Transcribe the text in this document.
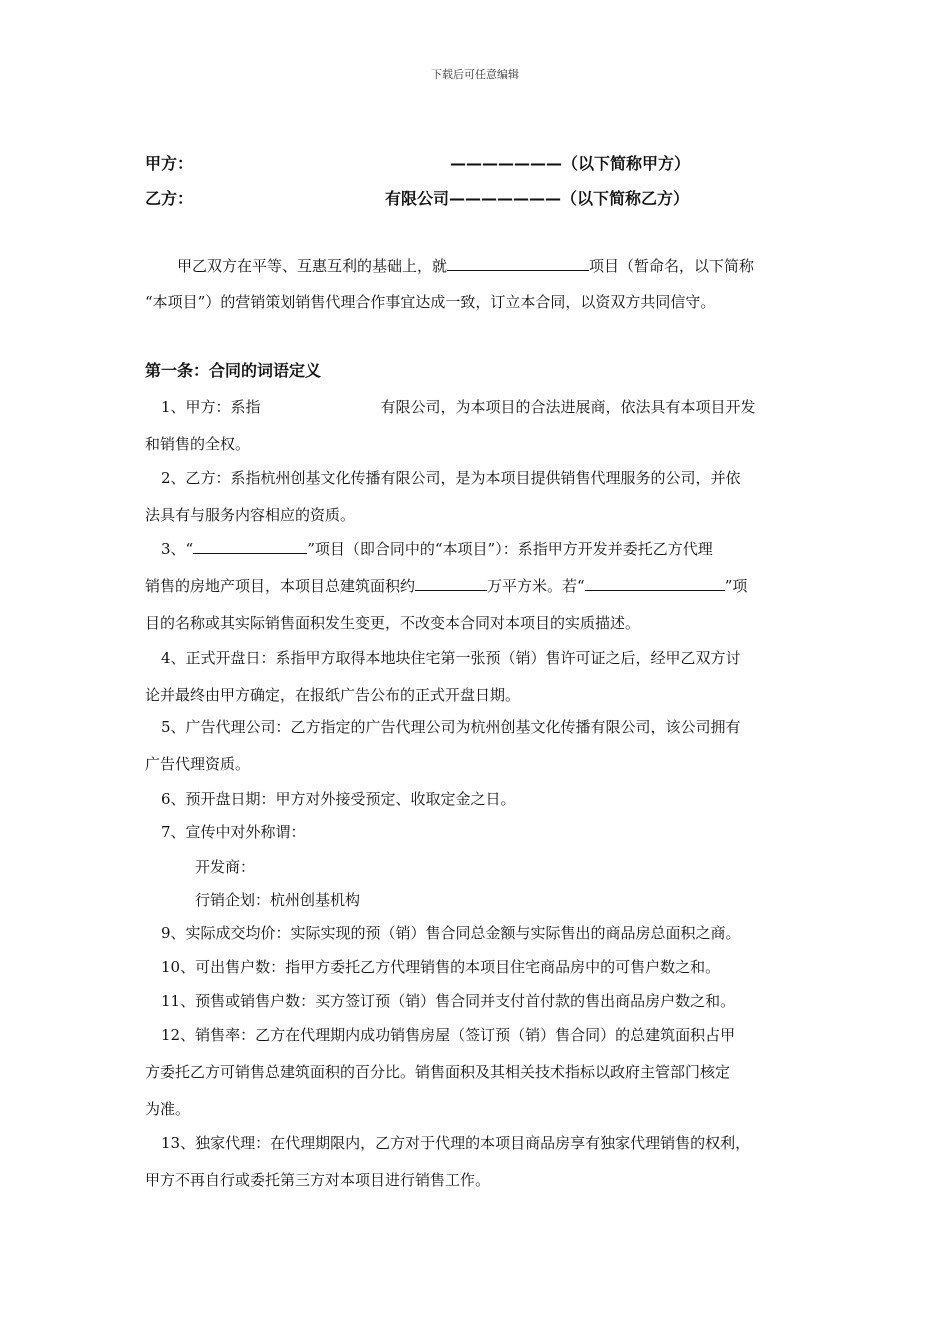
下载后可任意编辑
甲方：	———————（以下简称甲方）
乙方：	有限公司———————（以下简称乙方）
甲乙双方在平等、互惠互利的基础上，就	项目（暂命名，以下简称
“本项目”）的营销策划销售代理合作事宜达成一致，订立本合同，以资双方共同信守。
第一条：合同的词语定义
1、甲方：系指	有限公司，为本项目的合法进展商，依法具有本项目开发
和销售的全权。
2、乙方：系指杭州创基文化传播有限公司，是为本项目提供销售代理服务的公司，并依
法具有与服务内容相应的资质。
3、“	”项目（即合同中的“本项目”）：系指甲方开发并委托乙方代理
销售的房地产项目，本项目总建筑面积约	万平方米。若“	”项
目的名称或其实际销售面积发生变更，不改变本合同对本项目的实质描述。
4、正式开盘日：系指甲方取得本地块住宅第一张预（销）售许可证之后，经甲乙双方讨
论并最终由甲方确定，在报纸广告公布的正式开盘日期。
5、广告代理公司：乙方指定的广告代理公司为杭州创基文化传播有限公司，该公司拥有
广告代理资质。
6、预开盘日期：甲方对外接受预定、收取定金之日。
7、宣传中对外称谓：
开发商：
行销企划：杭州创基机构
9、实际成交均价：实际实现的预（销）售合同总金额与实际售出的商品房总面积之商。
10、可出售户数：指甲方委托乙方代理销售的本项目住宅商品房中的可售户数之和。
11、预售或销售户数：买方签订预（销）售合同并支付首付款的售出商品房户数之和。
12、销售率：乙方在代理期内成功销售房屋（签订预（销）售合同）的总建筑面积占甲
方委托乙方可销售总建筑面积的百分比。销售面积及其相关技术指标以政府主管部门核定
为准。
13、独家代理：在代理期限内，乙方对于代理的本项目商品房享有独家代理销售的权利，
甲方不再自行或委托第三方对本项目进行销售工作。
